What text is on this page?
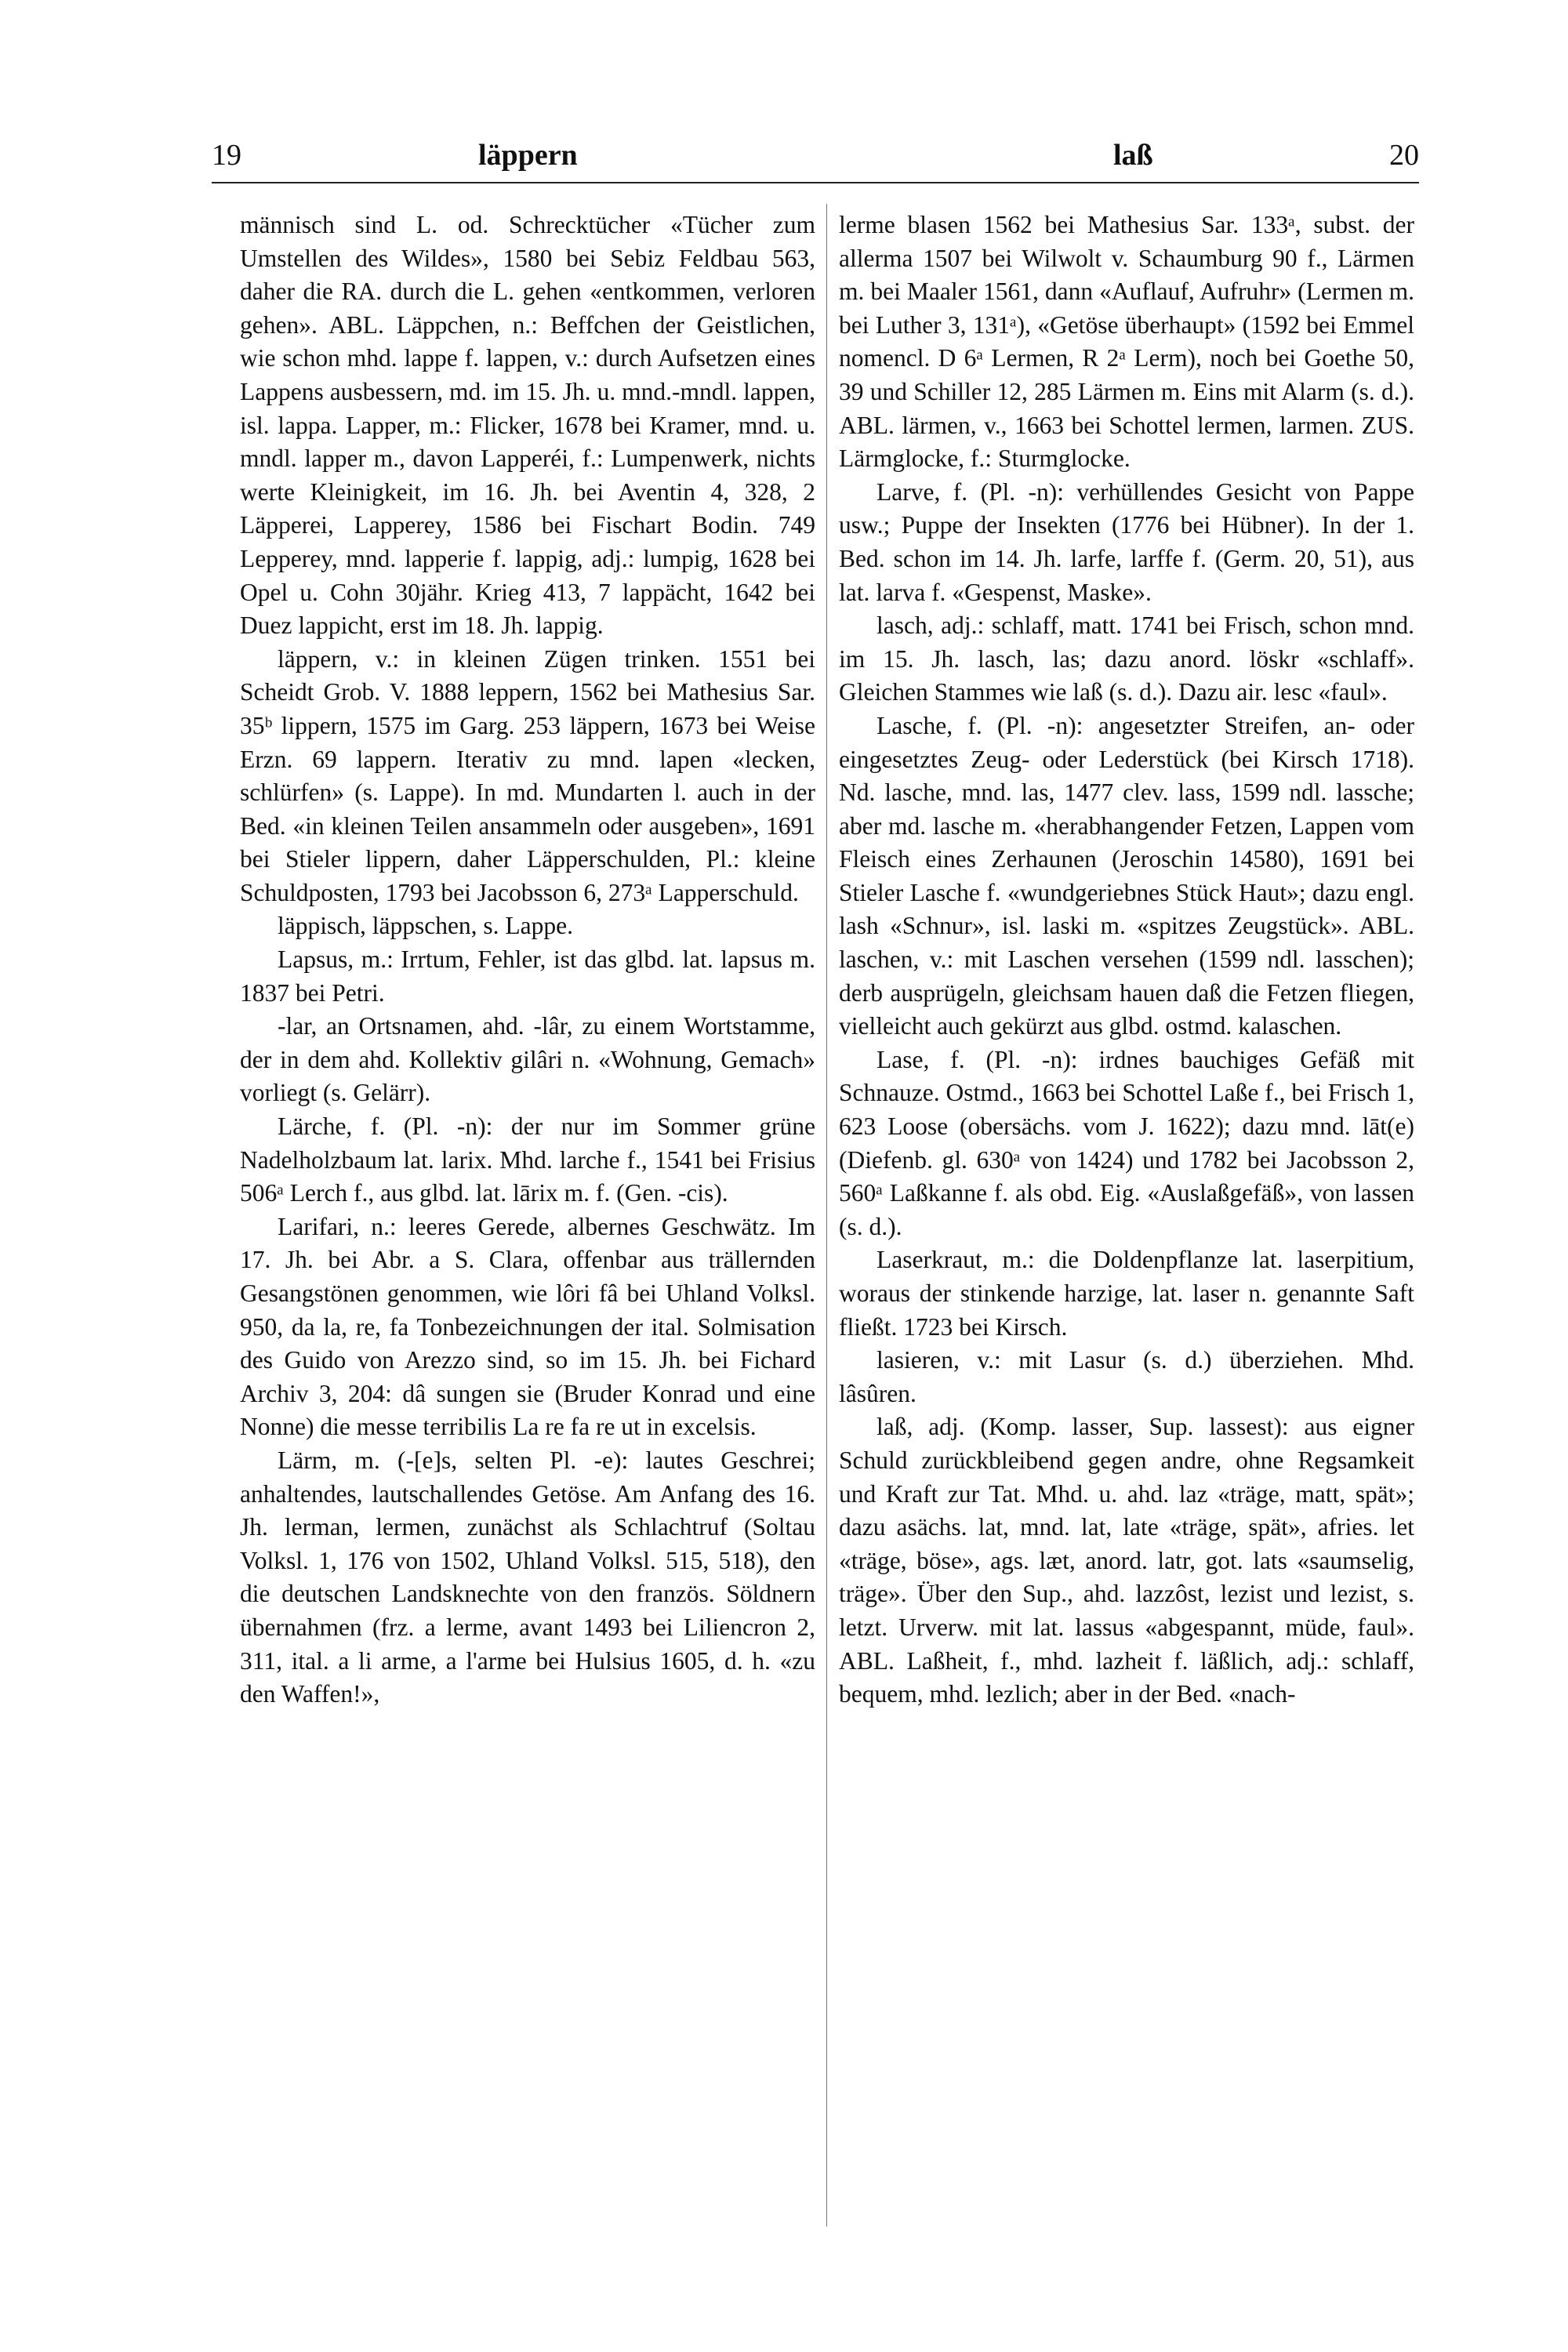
19	läppern	laß	20

männisch sind L. od. Schrecktücher «Tücher zum Umstellen des Wildes», 1580 bei Sebiz Feldbau 563, daher die RA. durch die L. gehen «entkommen, verloren gehen». ABL. Läppchen, n.: Beffchen der Geistlichen, wie schon mhd. lappe f. lappen, v.: durch Aufsetzen eines Lappens ausbessern, md. im 15. Jh. u. mnd.-mndl. lappen, isl. lappa. Lapper, m.: Flicker, 1678 bei Kramer, mnd. u. mndl. lapper m., davon Lapperéi, f.: Lumpenwerk, nichts werte Kleinigkeit, im 16. Jh. bei Aventin 4, 328, 2 Läpperei, Lapperey, 1586 bei Fischart Bodin. 749 Lepperey, mnd. lapperie f. lappig, adj.: lumpig, 1628 bei Opel u. Cohn 30jähr. Krieg 413, 7 lappächt, 1642 bei Duez lappicht, erst im 18. Jh. lappig.

läppern, v.: in kleinen Zügen trinken. 1551 bei Scheidt Grob. V. 1888 leppern, 1562 bei Mathesius Sar. 35ᵇ lippern, 1575 im Garg. 253 läppern, 1673 bei Weise Erzn. 69 lappern. Iterativ zu mnd. lapen «lecken, schlürfen» (s. Lappe). In md. Mundarten l. auch in der Bed. «in kleinen Teilen ansammeln oder ausgeben», 1691 bei Stieler lippern, daher Läpperschulden, Pl.: kleine Schuldposten, 1793 bei Jacobsson 6, 273ᵃ Lapperschuld.

läppisch, läppschen, s. Lappe.

Lapsus, m.: Irrtum, Fehler, ist das glbd. lat. lapsus m. 1837 bei Petri.

-lar, an Ortsnamen, ahd. -lâr, zu einem Wortstamme, der in dem ahd. Kollektiv gilâri n. «Wohnung, Gemach» vorliegt (s. Gelärr).

Lärche, f. (Pl. -n): der nur im Sommer grüne Nadelholzbaum lat. larix. Mhd. larche f., 1541 bei Frisius 506ᵃ Lerch f., aus glbd. lat. lārix m. f. (Gen. -cis).

Larifari, n.: leeres Gerede, albernes Geschwätz. Im 17. Jh. bei Abr. a S. Clara, offenbar aus trällernden Gesangstönen genommen, wie lôri fâ bei Uhland Volksl. 950, da la, re, fa Tonbezeichnungen der ital. Solmisation des Guido von Arezzo sind, so im 15. Jh. bei Fichard Archiv 3, 204: dâ sungen sie (Bruder Konrad und eine Nonne) die messe terribilis La re fa re ut in excelsis.

Lärm, m. (-[e]s, selten Pl. -e): lautes Geschrei; anhaltendes, lautschallendes Getöse. Am Anfang des 16. Jh. lerman, lermen, zunächst als Schlachtruf (Soltau Volksl. 1, 176 von 1502, Uhland Volksl. 515, 518), den die deutschen Landsknechte von den französ. Söldnern übernahmen (frz. a lerme, avant 1493 bei Liliencron 2, 311, ital. a li arme, a l'arme bei Hulsius 1605, d. h. «zu den Waffen!»,

lerme blasen 1562 bei Mathesius Sar. 133ᵃ, subst. der allerma 1507 bei Wilwolt v. Schaumburg 90 f., Lärmen m. bei Maaler 1561, dann «Auflauf, Aufruhr» (Lermen m. bei Luther 3, 131ᵃ), «Getöse überhaupt» (1592 bei Emmel nomencl. D 6ᵃ Lermen, R 2ᵃ Lerm), noch bei Goethe 50, 39 und Schiller 12, 285 Lärmen m. Eins mit Alarm (s. d.). ABL. lärmen, v., 1663 bei Schottel lermen, larmen. ZUS. Lärmglocke, f.: Sturmglocke.

Larve, f. (Pl. -n): verhüllendes Gesicht von Pappe usw.; Puppe der Insekten (1776 bei Hübner). In der 1. Bed. schon im 14. Jh. larfe, larffe f. (Germ. 20, 51), aus lat. larva f. «Gespenst, Maske».

lasch, adj.: schlaff, matt. 1741 bei Frisch, schon mnd. im 15. Jh. lasch, las; dazu anord. löskr «schlaff». Gleichen Stammes wie laß (s. d.). Dazu air. lesc «faul».

Lasche, f. (Pl. -n): angesetzter Streifen, an- oder eingesetztes Zeug- oder Lederstück (bei Kirsch 1718). Nd. lasche, mnd. las, 1477 clev. lass, 1599 ndl. lassche; aber md. lasche m. «herabhangender Fetzen, Lappen vom Fleisch eines Zerhaunen (Jeroschin 14580), 1691 bei Stieler Lasche f. «wundgeriebnes Stück Haut»; dazu engl. lash «Schnur», isl. laski m. «spitzes Zeugstück». ABL. laschen, v.: mit Laschen versehen (1599 ndl. lasschen); derb ausprügeln, gleichsam hauen daß die Fetzen fliegen, vielleicht auch gekürzt aus glbd. ostmd. kalaschen.

Lase, f. (Pl. -n): irdnes bauchiges Gefäß mit Schnauze. Ostmd., 1663 bei Schottel Laße f., bei Frisch 1, 623 Loose (obersächs. vom J. 1622); dazu mnd. lāt(e) (Diefenb. gl. 630ᵃ von 1424) und 1782 bei Jacobsson 2, 560ᵃ Laßkanne f. als obd. Eig. «Auslaßgefäß», von lassen (s. d.).

Laserkraut, m.: die Doldenpflanze lat. laserpitium, woraus der stinkende harzige, lat. laser n. genannte Saft fließt. 1723 bei Kirsch.

lasieren, v.: mit Lasur (s. d.) überziehen. Mhd. lâsûren.

laß, adj. (Komp. lasser, Sup. lassest): aus eigner Schuld zurückbleibend gegen andre, ohne Regsamkeit und Kraft zur Tat. Mhd. u. ahd. laz «träge, matt, spät»; dazu asächs. lat, mnd. lat, late «träge, spät», afries. let «träge, böse», ags. læt, anord. latr, got. lats «saumselig, träge». Über den Sup., ahd. lazzôst, lezist und lezist, s. letzt. Urverw. mit lat. lassus «abgespannt, müde, faul». ABL. Laßheit, f., mhd. lazheit f. läßlich, adj.: schlaff, bequem, mhd. lezlich; aber in der Bed. «nach-
